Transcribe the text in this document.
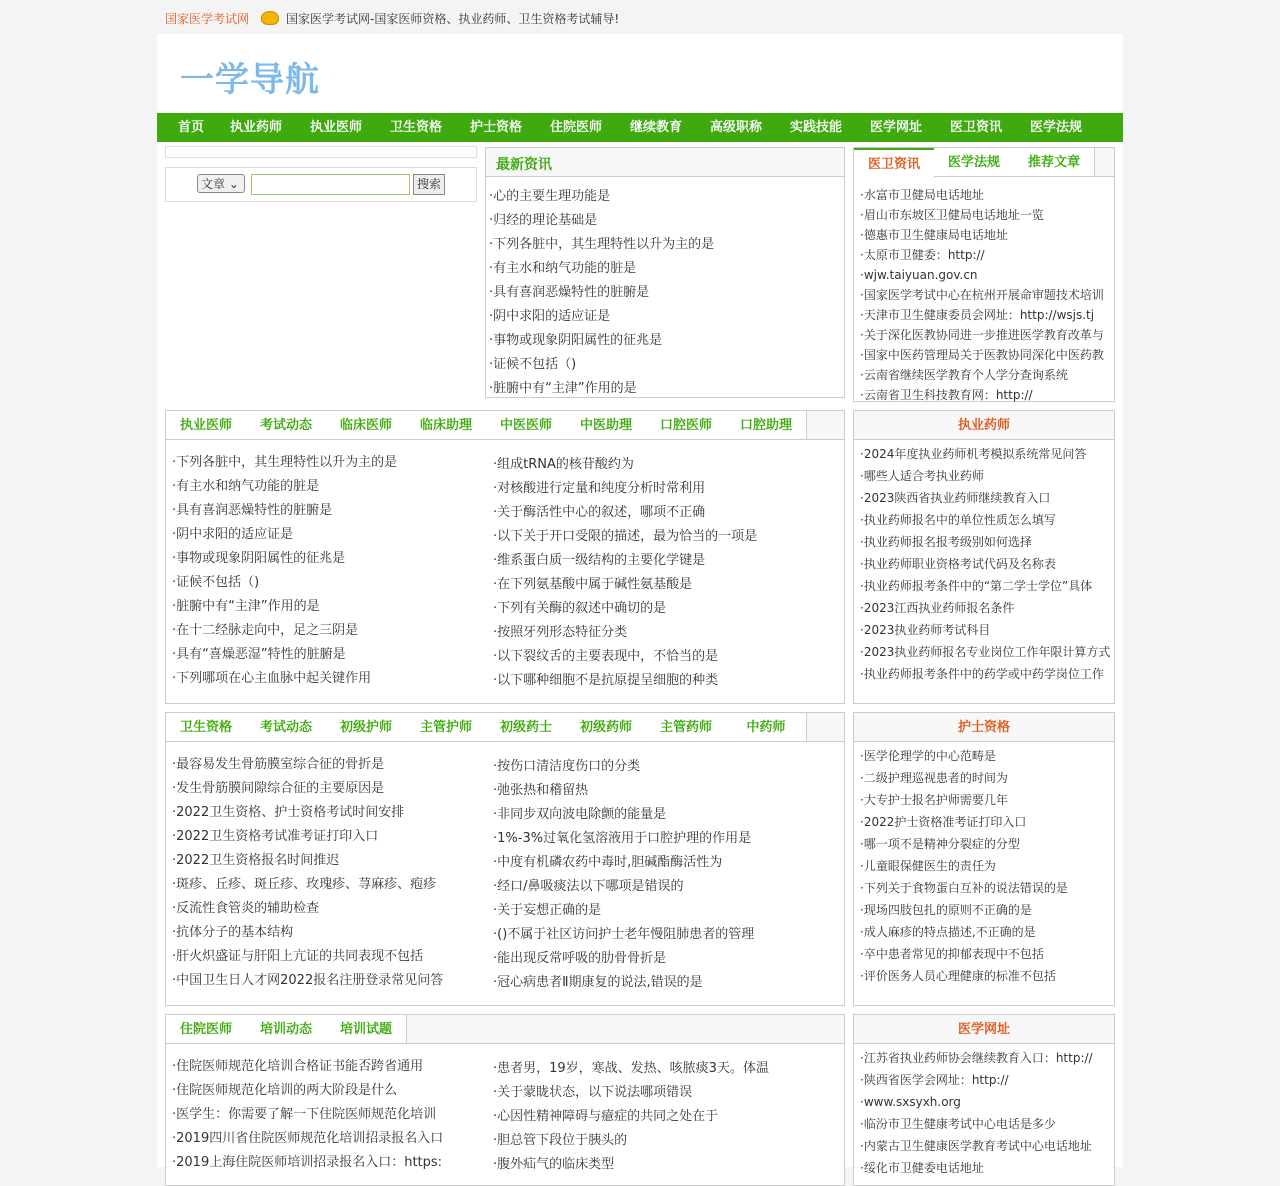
国家医学考试网	国家医学考试网-国家医师资格、执业药师、卫生资格考试辅导!
一学导航
首页 执业药师 执业医师 卫生资格 护士资格 住院医师 继续教育 高级职称 实践技能 医学网址 医卫资讯 医学法规
文章 ⌄	搜索
最新资讯
· 心的主要生理功能是
· 归经的理论基础是
· 下列各脏中，其生理特性以升为主的是
· 有主水和纳气功能的脏是
· 具有喜润恶燥特性的脏腑是
· 阴中求阳的适应证是
· 事物或现象阴阳属性的征兆是
· 证候不包括（)
· 脏腑中有“主津”作用的是
医卫资讯	医学法规	推荐文章
· 水富市卫健局电话地址
· 眉山市东坡区卫健局电话地址一览
· 德惠市卫生健康局电话地址
· 太原市卫健委：http://
· wjw.taiyuan.gov.cn
· 国家医学考试中心在杭州开展命审题技术培训
· 天津市卫生健康委员会网址：http://wsjs.tj
· 关于深化医教协同进一步推进医学教育改革与
· 国家中医药管理局关于医教协同深化中医药教
· 云南省继续医学教育个人学分查询系统
· 云南省卫生科技教育网：http://
执业医师	考试动态	临床医师	临床助理	中医医师	中医助理	口腔医师	口腔助理
· 下列各脏中，其生理特性以升为主的是
· 有主水和纳气功能的脏是
· 具有喜润恶燥特性的脏腑是
· 阴中求阳的适应证是
· 事物或现象阴阳属性的征兆是
· 证候不包括（)
· 脏腑中有“主津”作用的是
· 在十二经脉走向中，足之三阴是
· 具有“喜燥恶湿”特性的脏腑是
· 下列哪项在心主血脉中起关键作用
· 组成tRNA的核苷酸约为
· 对核酸进行定量和纯度分析时常利用
· 关于酶活性中心的叙述，哪项不正确
· 以下关于开口受限的描述，最为恰当的一项是
· 维系蛋白质一级结构的主要化学键是
· 在下列氨基酸中属于碱性氨基酸是
· 下列有关酶的叙述中确切的是
· 按照牙列形态特征分类
· 以下裂纹舌的主要表现中，不恰当的是
· 以下哪种细胞不是抗原提呈细胞的种类
执业药师
· 2024年度执业药师机考模拟系统常见问答
· 哪些人适合考执业药师
· 2023陕西省执业药师继续教育入口
· 执业药师报名中的单位性质怎么填写
· 执业药师报名报考级别如何选择
· 执业药师职业资格考试代码及名称表
· 执业药师报考条件中的“第二学士学位”具体
· 2023江西执业药师报名条件
· 2023执业药师考试科目
· 2023执业药师报名专业岗位工作年限计算方式
· 执业药师报考条件中的药学或中药学岗位工作
卫生资格	考试动态	初级护师	主管护师	初级药士	初级药师	主管药师	中药师
· 最容易发生骨筋膜室综合征的骨折是
· 发生骨筋膜间隙综合征的主要原因是
· 2022卫生资格、护士资格考试时间安排
· 2022卫生资格考试准考证打印入口
· 2022卫生资格报名时间推迟
· 斑疹、丘疹、斑丘疹、玫瑰疹、荨麻疹、疱疹
· 反流性食管炎的辅助检查
· 抗体分子的基本结构
· 肝火炽盛证与肝阳上亢证的共同表现不包括
· 中国卫生日人才网2022报名注册登录常见问答
· 按伤口清洁度伤口的分类
· 弛张热和稽留热
· 非同步双向波电除颤的能量是
· 1%-3%过氧化氢溶液用于口腔护理的作用是
· 中度有机磷农药中毒时,胆碱酯酶活性为
· 经口/鼻吸痰法以下哪项是错误的
· 关于妄想正确的是
· ()不属于社区访问护士老年慢阻肺患者的管理
· 能出现反常呼吸的肋骨骨折是
· 冠心病患者Ⅱ期康复的说法,错误的是
护士资格
· 医学伦理学的中心范畴是
· 二级护理巡视患者的时间为
· 大专护士报名护师需要几年
· 2022护士资格准考证打印入口
· 哪一项不是精神分裂症的分型
· 儿童眼保健医生的责任为
· 下列关于食物蛋白互补的说法错误的是
· 现场四肢包扎的原则不正确的是
· 成人麻疹的特点描述,不正确的是
· 卒中患者常见的抑郁表现中不包括
· 评价医务人员心理健康的标准不包括
住院医师	培训动态	培训试题
· 住院医师规范化培训合格证书能否跨省通用
· 住院医师规范化培训的两大阶段是什么
· 医学生：你需要了解一下住院医师规范化培训
· 2019四川省住院医师规范化培训招录报名入口
· 2019上海住院医师培训招录报名入口：https:
· 患者男，19岁，寒战、发热、咳脓痰3天。体温
· 关于蒙眬状态，以下说法哪项错误
· 心因性精神障碍与癔症的共同之处在于
· 胆总管下段位于胰头的
· 腹外疝气的临床类型
医学网址
· 江苏省执业药师协会继续教育入口：http://
· 陕西省医学会网址：http://
· www.sxsyxh.org
· 临汾市卫生健康考试中心电话是多少
· 内蒙古卫生健康医学教育考试中心电话地址
· 绥化市卫健委电话地址
